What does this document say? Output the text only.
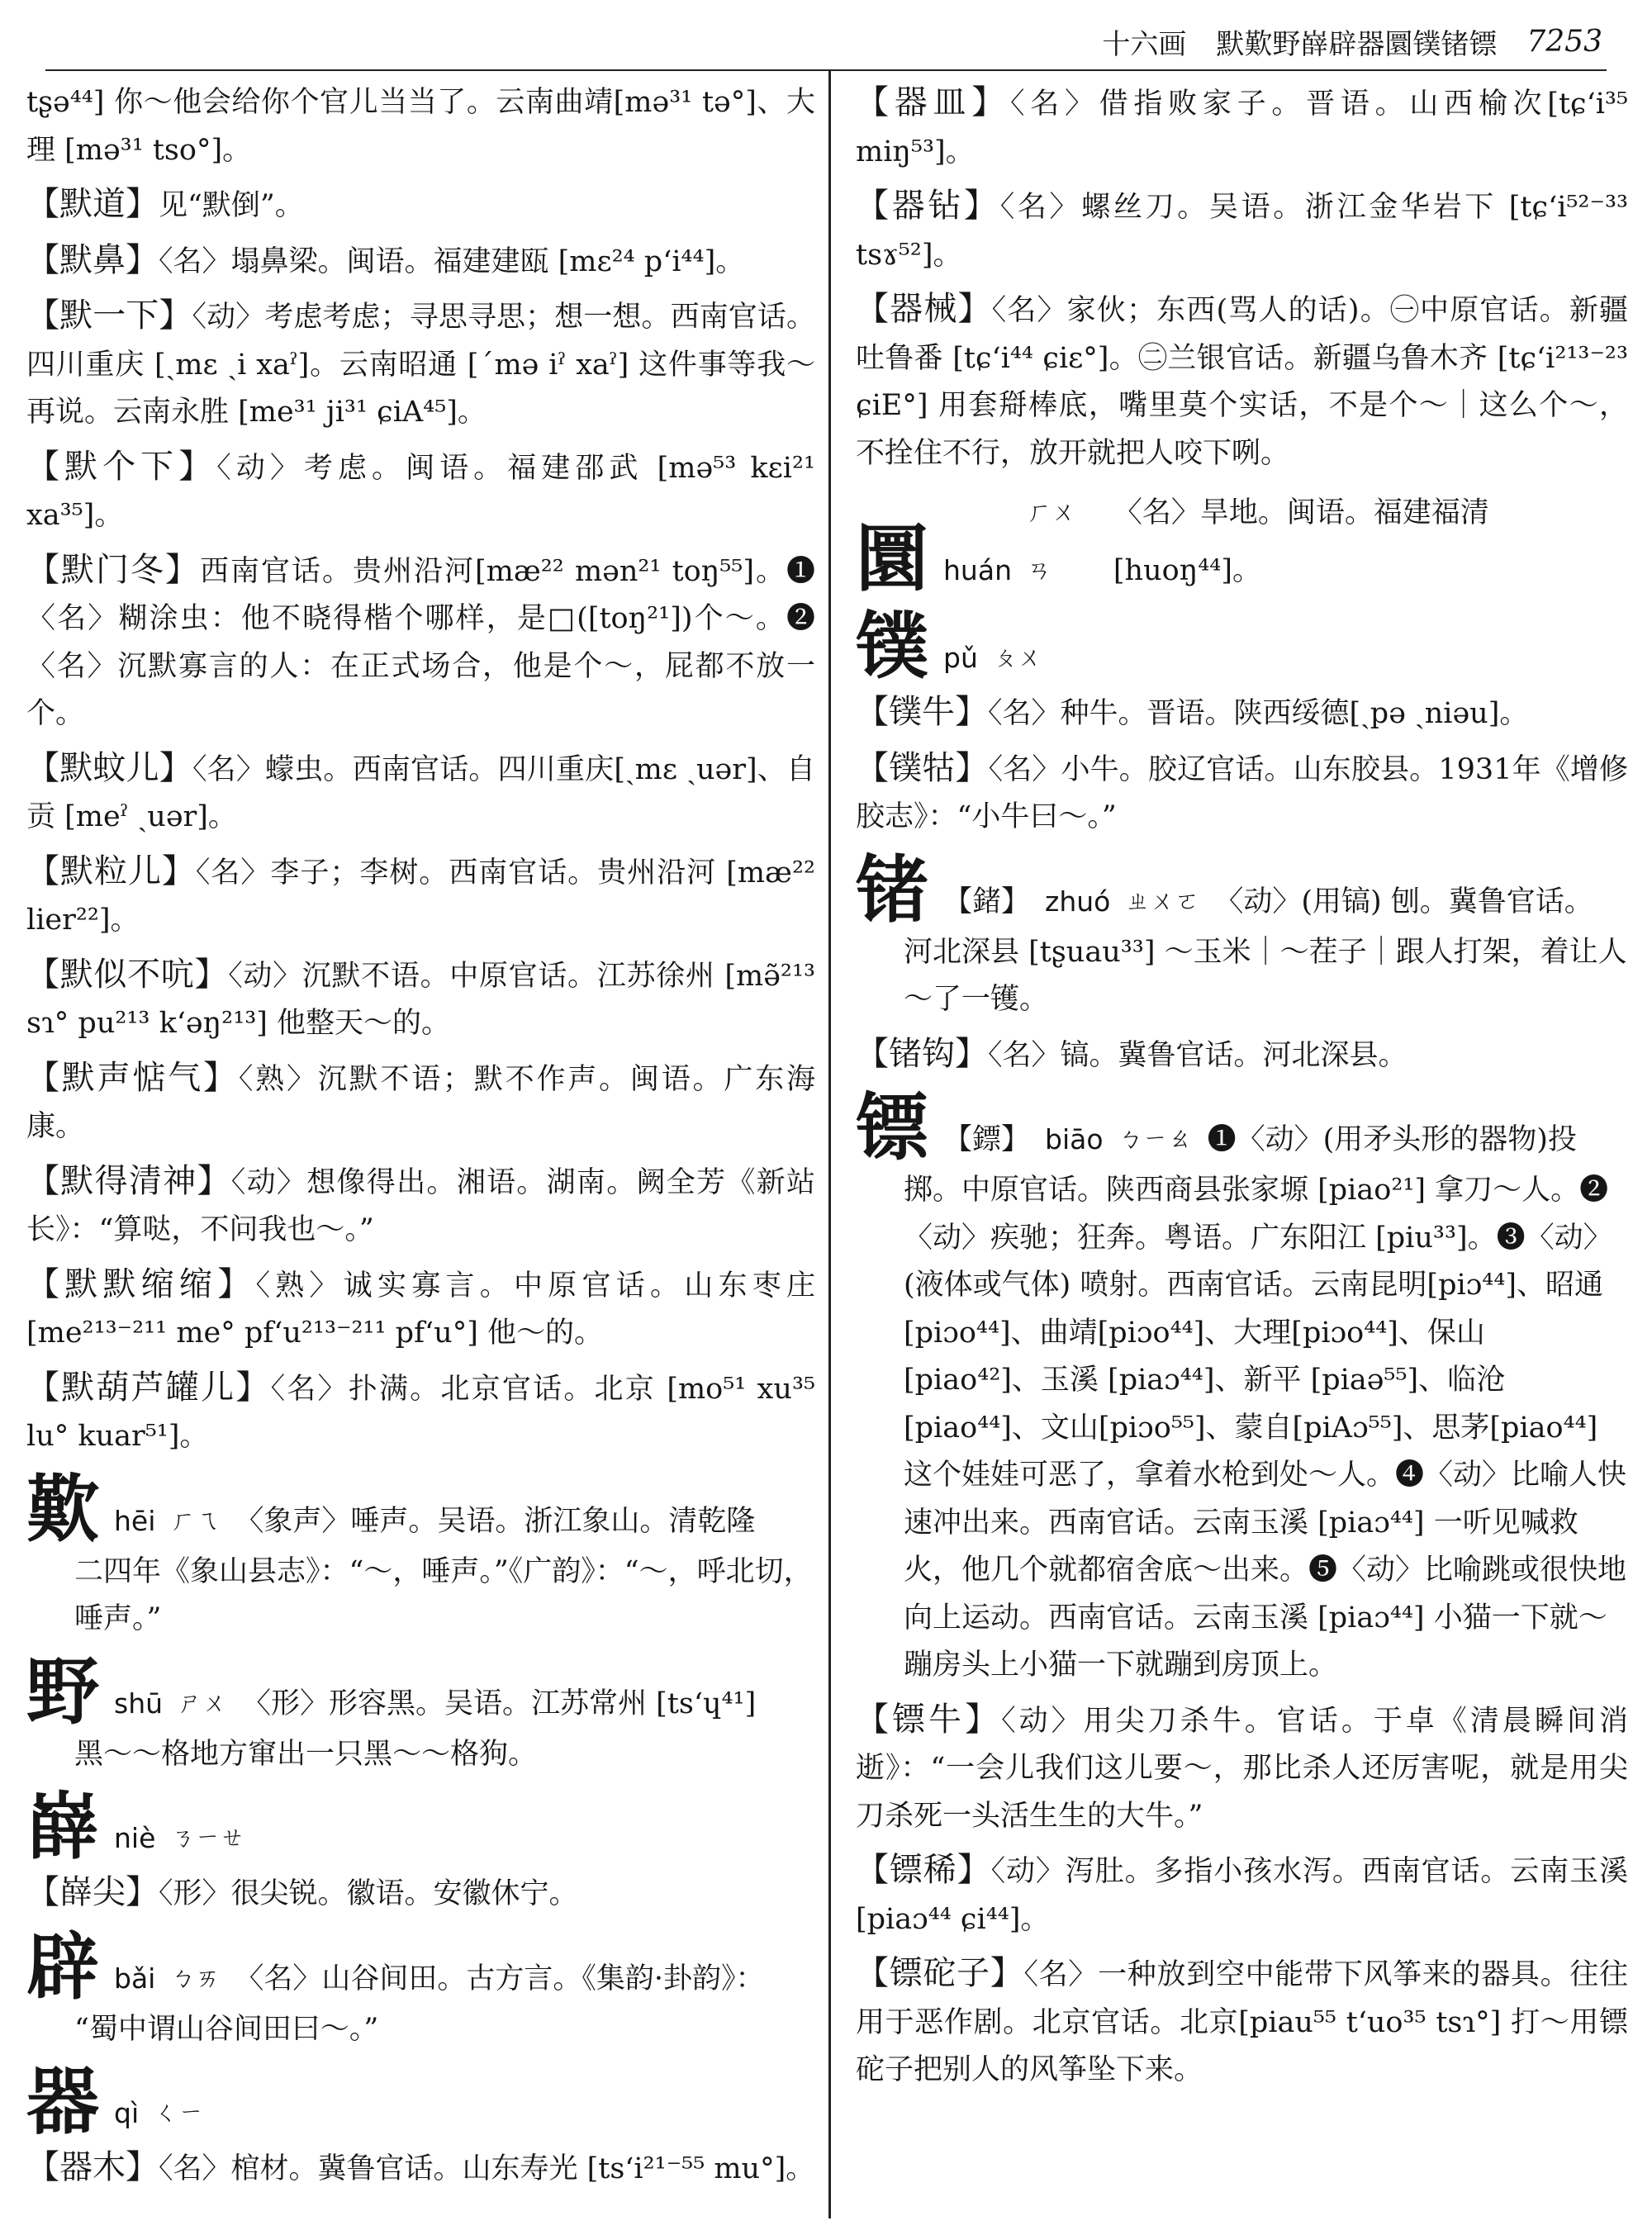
十六画 默歎野嶭辟器圜镤锗镖 7253
tʂə⁴⁴] 你～他会给你个官儿当当了。云南曲靖[mə³¹ tə°]、大理 [mə³¹ tso°]。
【默道】见“默倒”。
【默鼻】〈名〉塌鼻梁。闽语。福建建瓯 [mɛ²⁴ pʻi⁴⁴]。
【默一下】〈动〉考虑考虑；寻思寻思；想一想。西南官话。四川重庆 [ˏmɛ ˏi xaˀ]。云南昭通 [ˊmə iˀ xaˀ] 这件事等我～再说。云南永胜 [me³¹ ji³¹ ɕiA⁴⁵]。
【默个下】〈动〉考虑。闽语。福建邵武 [mə⁵³ kɛi²¹ xa³⁵]。
【默门冬】西南官话。贵州沿河[mæ²² mən²¹ toŋ⁵⁵]。❶〈名〉糊涂虫：他不晓得楷个哪样，是□([toŋ²¹])个～。❷〈名〉沉默寡言的人：在正式场合，他是个～，屁都不放一个。
【默蚊儿】〈名〉蠓虫。西南官话。四川重庆[ˏmɛ ˏuər]、自贡 [meˀ ˏuər]。
【默粒儿】〈名〉李子；李树。西南官话。贵州沿河 [mæ²² lier²²]。
【默似不吭】〈动〉沉默不语。中原官话。江苏徐州 [mə̃²¹³ sɿ° pu²¹³ kʻəŋ²¹³] 他整天～的。
【默声惦气】〈熟〉沉默不语；默不作声。闽语。广东海康。
【默得清神】〈动〉想像得出。湘语。湖南。阙全芳《新站长》：“算哒，不问我也～。”
【默默缩缩】〈熟〉诚实寡言。中原官话。山东枣庄 [me²¹³⁻²¹¹ me° pfʻu²¹³⁻²¹¹ pfʻu°] 他～的。
【默葫芦罐儿】〈名〉扑满。北京官话。北京 [mo⁵¹ xu³⁵ lu° kuar⁵¹]。
歎 hēi ㄏㄟ 〈象声〉唾声。吴语。浙江象山。清乾隆
二四年《象山县志》：“～，唾声。”《广韵》：“～，呼北切，唾声。”
野 shū ㄕㄨ 〈形〉形容黑。吴语。江苏常州 [tsʻɥ⁴¹]
黑～～格地方窜出一只黑～～格狗。
嶭 niè ㄋㄧㄝ
【嶭尖】〈形〉很尖锐。徽语。安徽休宁。
辟 bǎi ㄅㄞ 〈名〉山谷间田。古方言。《集韵·卦韵》：
“蜀中谓山谷间田曰～。”
器 qì ㄑㄧ
【器木】〈名〉棺材。冀鲁官话。山东寿光 [tsʻi²¹⁻⁵⁵ mu°]。
【器皿】〈名〉借指败家子。晋语。山西榆次[tɕʻi³⁵ miŋ⁵³]。
【器钻】〈名〉螺丝刀。吴语。浙江金华岩下 [tɕʻi⁵²⁻³³ tsɤ⁵²]。
【器械】〈名〉家伙；东西(骂人的话)。㊀中原官话。新疆吐鲁番 [tɕʻi⁴⁴ ɕiɛ°]。㊁兰银官话。新疆乌鲁木齐 [tɕʻi²¹³⁻²³ ɕiE°] 用套搿棒底，嘴里莫个实话，不是个～｜这么个～，不拴住不行，放开就把人咬下咧。
圜 huán
ㄏㄨㄢ
〈名〉旱地。闽语。福建福清 [huoŋ⁴⁴]。
镤 pǔ ㄆㄨ
【镤牛】〈名〉种牛。晋语。陕西绥德[ˏpə ˏniəu]。
【镤牯】〈名〉小牛。胶辽官话。山东胶县。1931年《增修胶志》：“小牛曰～。”
锗 【鍺】 zhuó ㄓㄨㄛ 〈动〉(用镐) 刨。冀鲁官话。
河北深县 [tʂuau³³] ～玉米｜～茬子｜跟人打架，着让人～了一镬。
【锗钩】〈名〉镐。冀鲁官话。河北深县。
镖 【鏢】 biāo ㄅㄧㄠ ❶〈动〉(用矛头形的器物)投
掷。中原官话。陕西商县张家塬 [piao²¹] 拿刀～人。❷〈动〉疾驰；狂奔。粤语。广东阳江 [piu³³]。❸〈动〉(液体或气体) 喷射。西南官话。云南昆明[piɔ⁴⁴]、昭通 [piɔo⁴⁴]、曲靖[piɔo⁴⁴]、大理[piɔo⁴⁴]、保山 [piao⁴²]、玉溪 [piaɔ⁴⁴]、新平 [piaə⁵⁵]、临沧[piao⁴⁴]、文山[piɔo⁵⁵]、蒙自[piAɔ⁵⁵]、思茅[piao⁴⁴] 这个娃娃可恶了，拿着水枪到处～人。❹〈动〉比喻人快速冲出来。西南官话。云南玉溪 [piaɔ⁴⁴] 一听见喊救火，他几个就都宿舍底～出来。❺〈动〉比喻跳或很快地向上运动。西南官话。云南玉溪 [piaɔ⁴⁴] 小猫一下就～蹦房头上小猫一下就蹦到房顶上。
【镖牛】〈动〉用尖刀杀牛。官话。于卓《清晨瞬间消逝》：“一会儿我们这儿要～，那比杀人还厉害呢，就是用尖刀杀死一头活生生的大牛。”
【镖稀】〈动〉泻肚。多指小孩水泻。西南官话。云南玉溪 [piaɔ⁴⁴ ɕi⁴⁴]。
【镖砣子】〈名〉一种放到空中能带下风筝来的器具。往往用于恶作剧。北京官话。北京[piau⁵⁵ tʻuo³⁵ tsɿ°] 打～用镖砣子把别人的风筝坠下来。
